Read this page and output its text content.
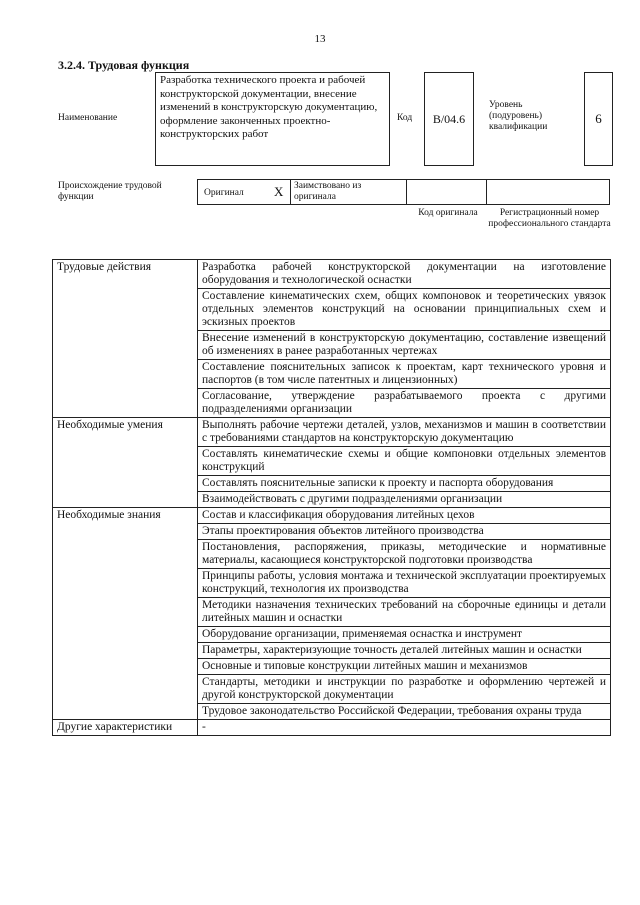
13
3.2.4. Трудовая функция
Наименование
Разработка технического проекта и рабочей конструкторской документации, внесение изменений в конструкторскую документацию, оформление законченных проектно-конструкторских работ
Код	В/04.6
Уровень (подуровень) квалификации
6
Происхождение трудовой функции	Оригинал X	Заимствовано из оригинала
Код оригинала	Регистрационный номер профессионального стандарта
Трудовые действия	Разработка рабочей конструкторской документации на изготовление оборудования и технологической оснастки
	Составление кинематических схем, общих компоновок и теоретических увязок отдельных элементов конструкций на основании принципиальных схем и эскизных проектов
	Внесение изменений в конструкторскую документацию, составление извещений об изменениях в ранее разработанных чертежах
	Составление пояснительных записок к проектам, карт технического уровня и паспортов (в том числе патентных и лицензионных)
	Согласование, утверждение разрабатываемого проекта с другими подразделениями организации
Необходимые умения	Выполнять рабочие чертежи деталей, узлов, механизмов и машин в соответствии с требованиями стандартов на конструкторскую документацию
	Составлять кинематические схемы и общие компоновки отдельных элементов конструкций
	Составлять пояснительные записки к проекту и паспорта оборудования
	Взаимодействовать с другими подразделениями организации
Необходимые знания	Состав и классификация оборудования литейных цехов
	Этапы проектирования объектов литейного производства
	Постановления, распоряжения, приказы, методические и нормативные материалы, касающиеся конструкторской подготовки производства
	Принципы работы, условия монтажа и технической эксплуатации проектируемых конструкций, технология их производства
	Методики назначения технических требований на сборочные единицы и детали литейных машин и оснастки
	Оборудование организации, применяемая оснастка и инструмент
	Параметры, характеризующие точность деталей литейных машин и оснастки
	Основные и типовые конструкции литейных машин и механизмов
	Стандарты, методики и инструкции по разработке и оформлению чертежей и другой конструкторской документации
	Трудовое законодательство Российской Федерации, требования охраны труда
Другие характеристики	-
